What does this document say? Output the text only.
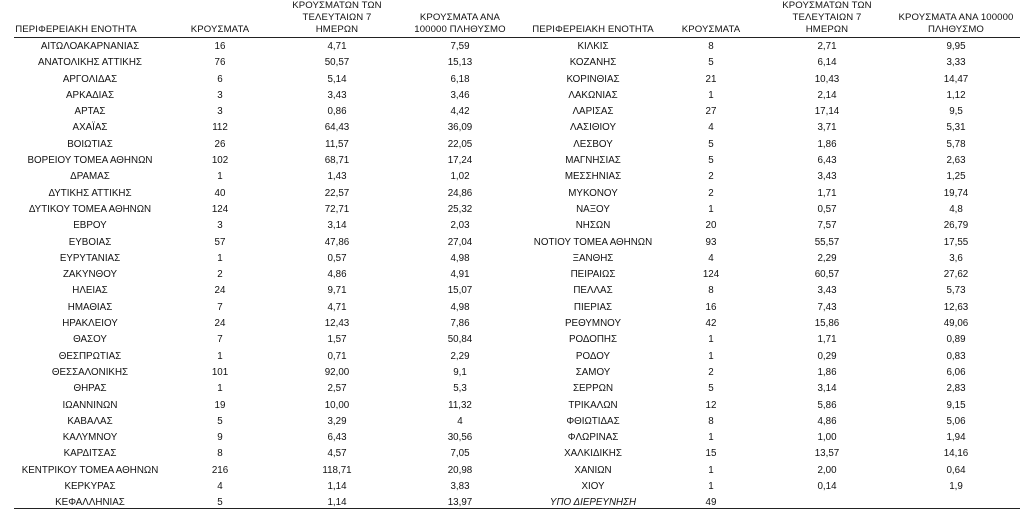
ΠΕΡΙΦΕΡΕΙΑΚΗ ΕΝΟΤΗΤΑ	ΚΡΟΥΣΜΑΤΑ
ΚΡΟΥΣΜΑΤΩΝ ΤΩΝ ΤΕΛΕΥΤΑΙΩΝ 7 ΗΜΕΡΩΝ
ΚΡΟΥΣΜΑΤΑ ΑΝΑ 100000 ΠΛΗΘΥΣΜΟ	ΠΕΡΙΦΕΡΕΙΑΚΗ ΕΝΟΤΗΤΑ	ΚΡΟΥΣΜΑΤΑ
ΚΡΟΥΣΜΑΤΩΝ ΤΩΝ ΤΕΛΕΥΤΑΙΩΝ 7 ΗΜΕΡΩΝ
ΚΡΟΥΣΜΑΤΑ ΑΝΑ 100000 ΠΛΗΘΥΣΜΟ
ΑΙΤΩΛΟΑΚΑΡΝΑΝΙΑΣ	16	4,71	7,59
ΑΝΑΤΟΛΙΚΗΣ ΑΤΤΙΚΗΣ	76	50,57	15,13
ΑΡΓΟΛΙΔΑΣ	6	5,14	6,18
ΑΡΚΑΔΙΑΣ	3	3,43	3,46
ΑΡΤΑΣ	3	0,86	4,42
ΑΧΑΪΑΣ	112	64,43	36,09
ΒΟΙΩΤΙΑΣ	26	11,57	22,05
ΒΟΡΕΙΟΥ ΤΟΜΕΑ ΑΘΗΝΩΝ	102	68,71	17,24
ΔΡΑΜΑΣ	1	1,43	1,02
ΔΥΤΙΚΗΣ ΑΤΤΙΚΗΣ	40	22,57	24,86
ΔΥΤΙΚΟΥ ΤΟΜΕΑ ΑΘΗΝΩΝ	124	72,71	25,32
ΕΒΡΟΥ	3	3,14	2,03
ΕΥΒΟΙΑΣ	57	47,86	27,04
ΕΥΡΥΤΑΝΙΑΣ	1	0,57	4,98
ΖΑΚΥΝΘΟΥ	2	4,86	4,91
ΗΛΕΙΑΣ	24	9,71	15,07
ΗΜΑΘΙΑΣ	7	4,71	4,98
ΗΡΑΚΛΕΙΟΥ	24	12,43	7,86
ΘΑΣΟΥ	7	1,57	50,84
ΘΕΣΠΡΩΤΙΑΣ	1	0,71	2,29
ΘΕΣΣΑΛΟΝΙΚΗΣ	101	92,00	9,1
ΘΗΡΑΣ	1	2,57	5,3
ΙΩΑΝΝΙΝΩΝ	19	10,00	11,32
ΚΑΒΑΛΑΣ	5	3,29	4
ΚΑΛΥΜΝΟΥ	9	6,43	30,56
ΚΑΡΔΙΤΣΑΣ	8	4,57	7,05
ΚΕΝΤΡΙΚΟΥ ΤΟΜΕΑ ΑΘΗΝΩΝ	216	118,71	20,98
ΚΕΡΚΥΡΑΣ	4	1,14	3,83
ΚΕΦΑΛΛΗΝΙΑΣ	5	1,14	13,97
ΚΙΛΚΙΣ	8	2,71	9,95
ΚΟΖΑΝΗΣ	5	6,14	3,33
ΚΟΡΙΝΘΙΑΣ	21	10,43	14,47
ΛΑΚΩΝΙΑΣ	1	2,14	1,12
ΛΑΡΙΣΑΣ	27	17,14	9,5
ΛΑΣΙΘΙΟΥ	4	3,71	5,31
ΛΕΣΒΟΥ	5	1,86	5,78
ΜΑΓΝΗΣΙΑΣ	5	6,43	2,63
ΜΕΣΣΗΝΙΑΣ	2	3,43	1,25
ΜΥΚΟΝΟΥ	2	1,71	19,74
ΝΑΞΟΥ	1	0,57	4,8
ΝΗΣΩΝ	20	7,57	26,79
ΝΟΤΙΟΥ ΤΟΜΕΑ ΑΘΗΝΩΝ	93	55,57	17,55
ΞΑΝΘΗΣ	4	2,29	3,6
ΠΕΙΡΑΙΩΣ	124	60,57	27,62
ΠΕΛΛΑΣ	8	3,43	5,73
ΠΙΕΡΙΑΣ	16	7,43	12,63
ΡΕΘΥΜΝΟΥ	42	15,86	49,06
ΡΟΔΟΠΗΣ	1	1,71	0,89
ΡΟΔΟΥ	1	0,29	0,83
ΣΑΜΟΥ	2	1,86	6,06
ΣΕΡΡΩΝ	5	3,14	2,83
ΤΡΙΚΑΛΩΝ	12	5,86	9,15
ΦΘΙΩΤΙΔΑΣ	8	4,86	5,06
ΦΛΩΡΙΝΑΣ	1	1,00	1,94
ΧΑΛΚΙΔΙΚΗΣ	15	13,57	14,16
ΧΑΝΙΩΝ	1	2,00	0,64
ΧΙΟΥ	1	0,14	1,9
ΥΠΟ ΔΙΕΡΕΥΝΗΣΗ	49
